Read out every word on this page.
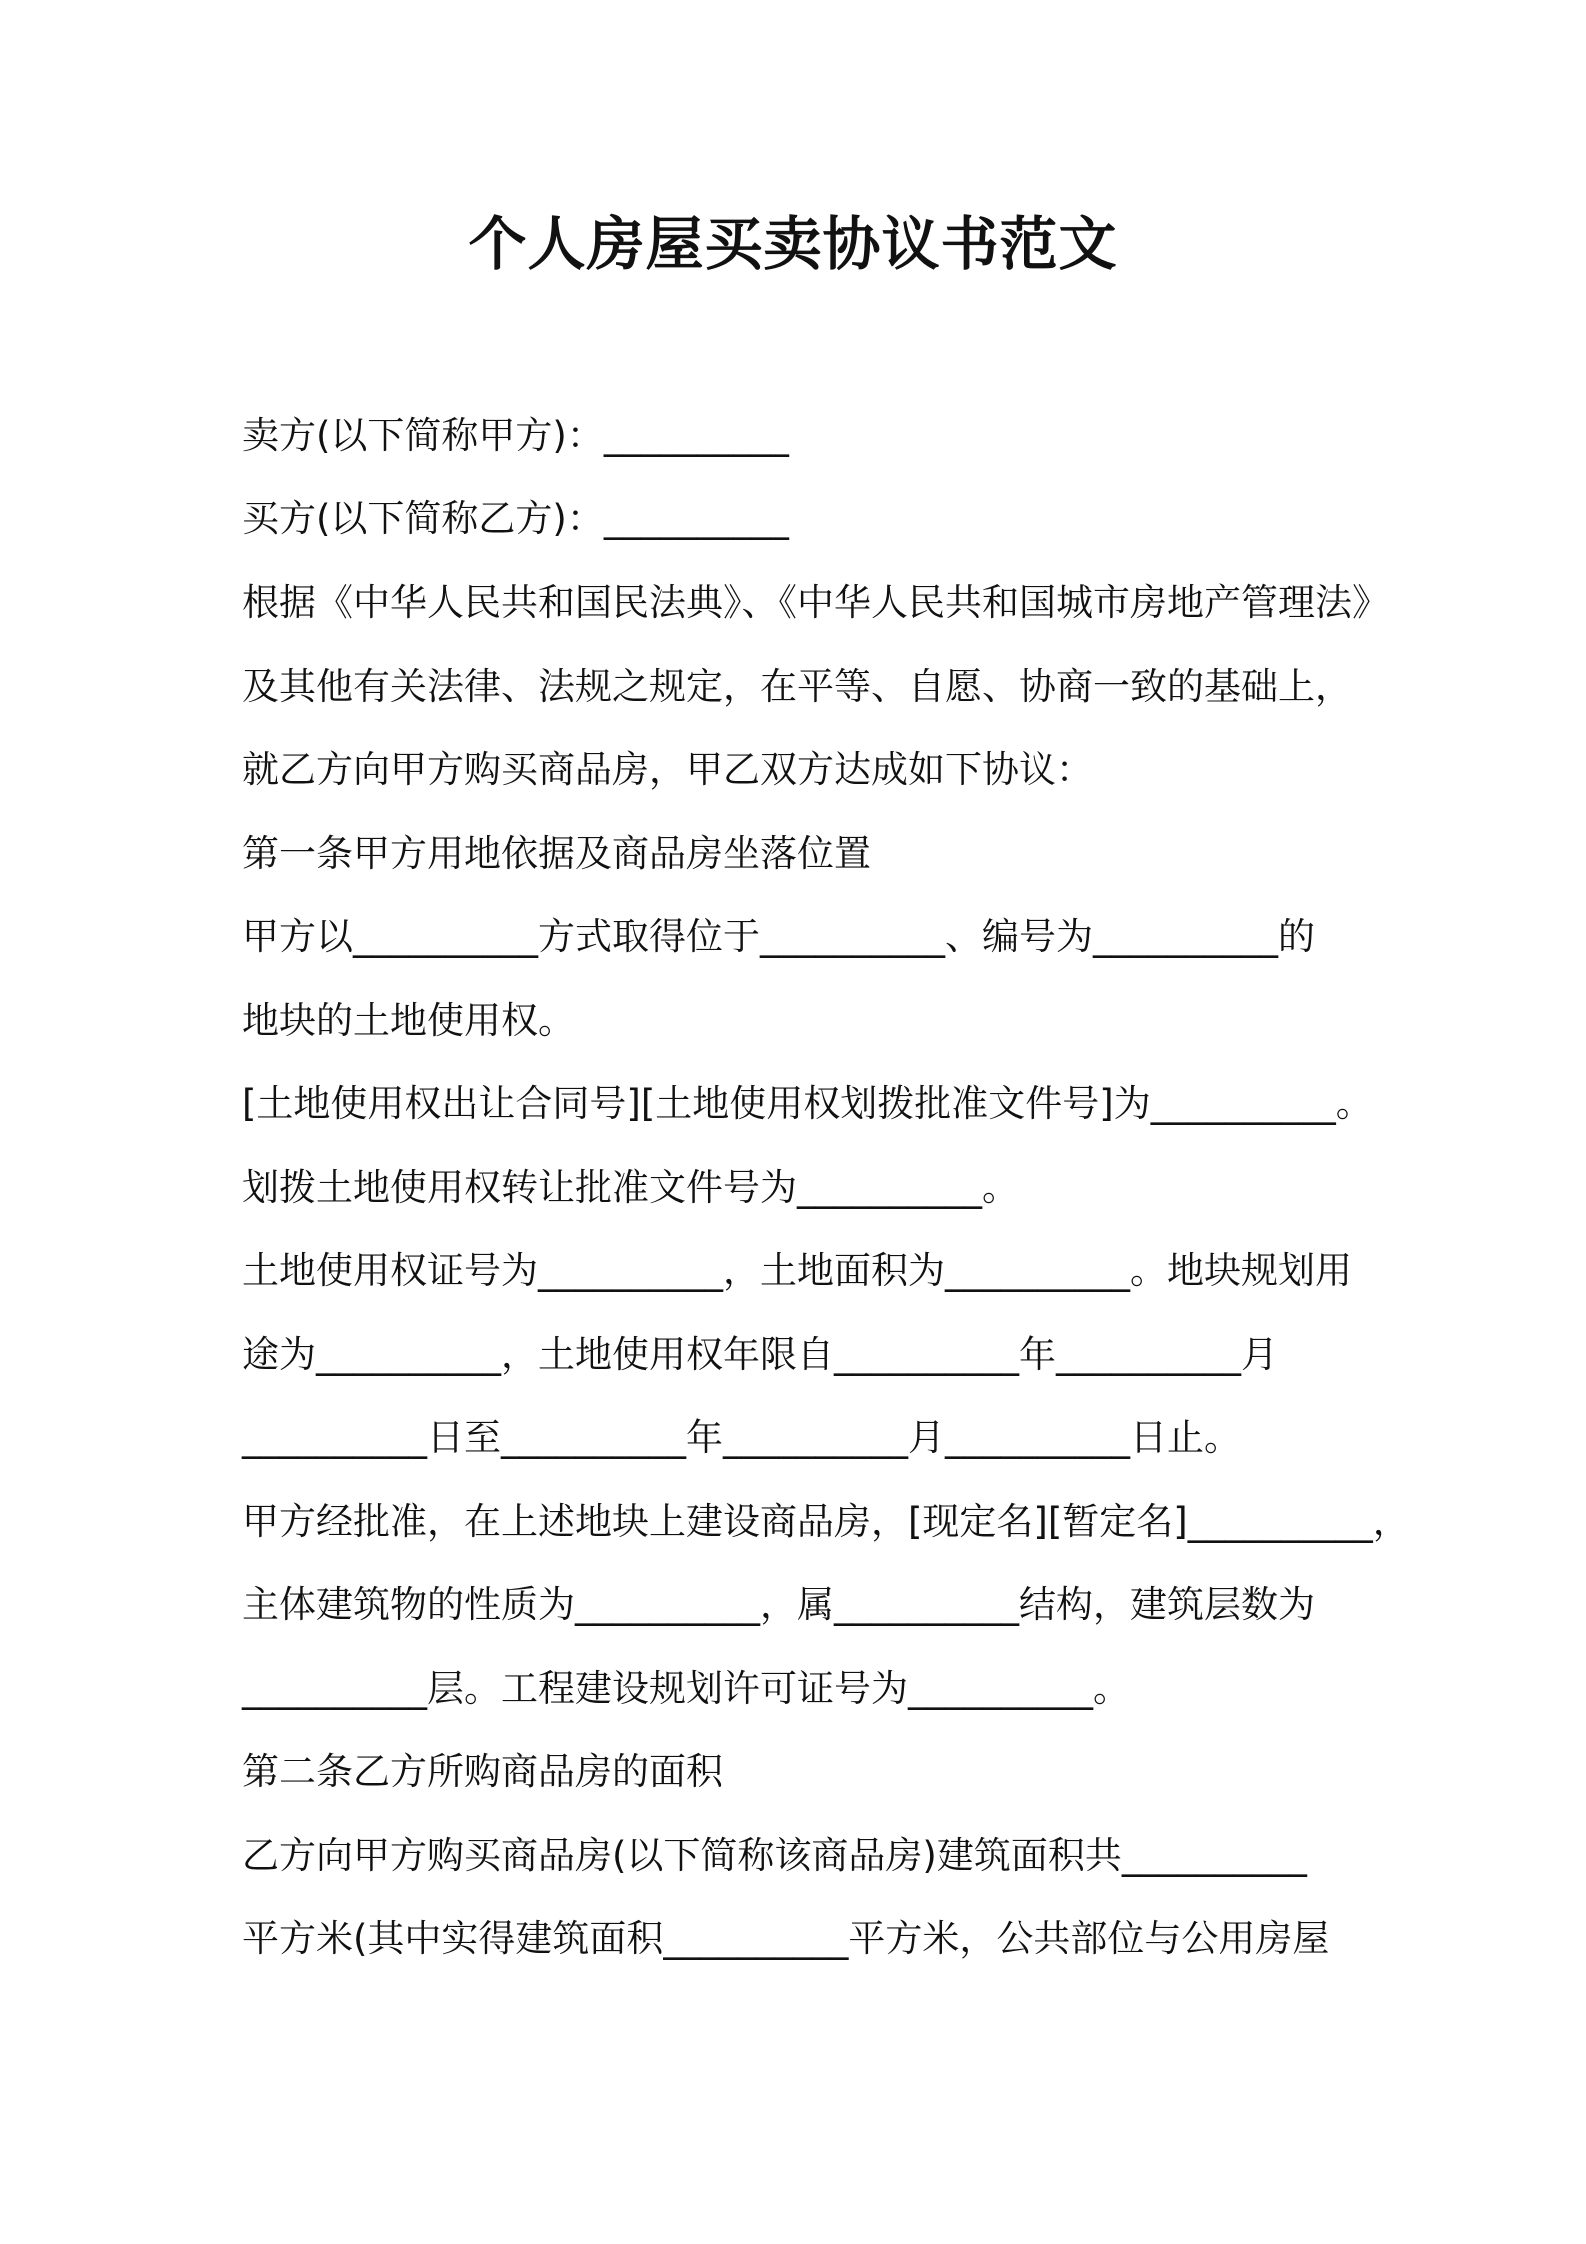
个人房屋买卖协议书范文
卖方(以下简称甲方)：__________
买方(以下简称乙方)：__________
根据《中华人民共和国民法典》、《中华人民共和国城市房地产管理法》
及其他有关法律、法规之规定，在平等、自愿、协商一致的基础上，
就乙方向甲方购买商品房，甲乙双方达成如下协议：
第一条甲方用地依据及商品房坐落位置
甲方以__________方式取得位于__________、编号为__________的
地块的土地使用权。
[土地使用权出让合同号][土地使用权划拨批准文件号]为__________。
划拨土地使用权转让批准文件号为__________。
土地使用权证号为__________，土地面积为__________。地块规划用
途为__________，土地使用权年限自__________年__________月
__________日至__________年__________月__________日止。
甲方经批准，在上述地块上建设商品房，[现定名][暂定名]__________，
主体建筑物的性质为__________，属__________结构，建筑层数为
__________层。工程建设规划许可证号为__________。
第二条乙方所购商品房的面积
乙方向甲方购买商品房(以下简称该商品房)建筑面积共__________
平方米(其中实得建筑面积__________平方米，公共部位与公用房屋
